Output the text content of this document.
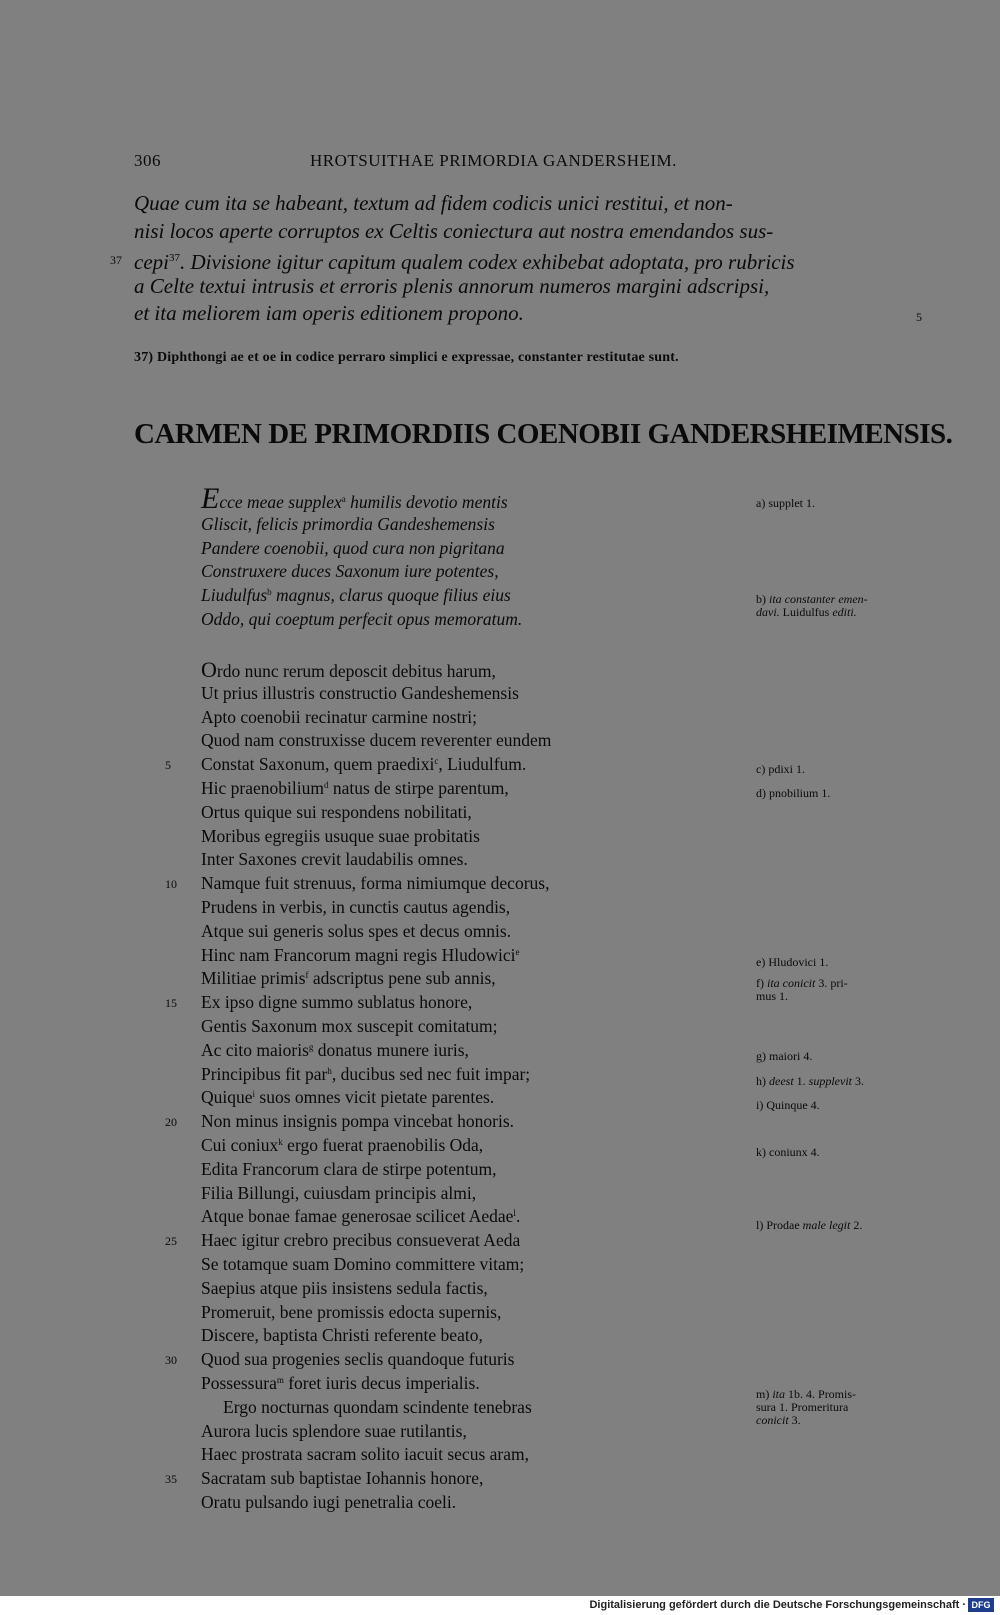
306	HROTSUITHAE PRIMORDIA GANDERSHEIM.
Quae cum ita se habeant, textum ad fidem codicis unici restitui, et non-
nisi locos aperte corruptos ex Celtis coniectura aut nostra emendandos sus-
37 cepi$^{37}$. Divisione igitur capitum qualem codex exhibebat adoptata, pro rubricis
a Celte textui intrusis et erroris plenis annorum numeros margini adscripsi,
et ita meliorem iam operis editionem propono.	5
37) Diphthongi ae et oe in codice perraro simplici e expressae, constanter restitutae sunt.
CARMEN DE PRIMORDIIS COENOBII GANDERSHEIMENSIS.
Ecce meae supplex$^a$ humilis devotio mentis
Gliscit, felicis primordia Gandeshemensis
Pandere coenobii, quod cura non pigritana
Construxere duces Saxonum iure potentes,
Liudulfus$^b$ magnus, clarus quoque filius eius
Oddo, qui coeptum perfecit opus memoratum.
Ordo nunc rerum deposcit debitus harum,
Ut prius illustris constructio Gandeshemensis
Apto coenobii recinatur carmine nostri;
Quod nam construxisse ducem reverenter eundem
5 Constat Saxonum, quem praedixi$^c$, Liudulfum.
Hic praenobilium$^d$ natus de stirpe parentum,
Ortus quique sui respondens nobilitati,
Moribus egregiis usuque suae probitatis
Inter Saxones crevit laudabilis omnes.
10 Namque fuit strenuus, forma nimiumque decorus,
Prudens in verbis, in cunctis cautus agendis,
Atque sui generis solus spes et decus omnis.
Hinc nam Francorum magni regis Hludowici$^e$
Militiae primis$^f$ adscriptus pene sub annis,
15 Ex ipso digne summo sublatus honore,
Gentis Saxonum mox suscepit comitatum;
Ac cito maioris$^g$ donatus munere iuris,
Principibus fit par$^h$, ducibus sed nec fuit impar;
Quique$^i$ suos omnes vicit pietate parentes.
20 Non minus insignis pompa vincebat honoris.
Cui coniux$^k$ ergo fuerat praenobilis Oda,
Edita Francorum clara de stirpe potentum,
Filia Billungi, cuiusdam principis almi,
Atque bonae famae generosae scilicet Aedae$^l$.
25 Haec igitur crebro precibus consueverat Aeda
Se totamque suam Domino committere vitam;
Saepius atque piis insistens sedula factis,
Promeruit, bene promissis edocta supernis,
Discere, baptista Christi referente beato,
30 Quod sua progenies seclis quandoque futuris
Possessura$^m$ foret iuris decus imperialis.
Ergo nocturnas quondam scindente tenebras
Aurora lucis splendore suae rutilantis,
Haec prostrata sacram solito iacuit secus aram,
35 Sacratam sub baptistae Iohannis honore,
Oratu pulsando iugi penetralia coeli.
a) supplet 1.
b) ita constanter emen-
davi. Luidulfus editi.
c) pdixi 1.
d) pnobilium 1.
e) Hludovici 1.
f) ita conicit 3. pri-
mus 1.
g) maiori 4.
h) deest 1. supplevit 3.
i) Quinque 4.
k) coniunx 4.
l) Prodae male legit 2.
m) ita 1b. 4. Promis-
sura 1. Promeritura
conicit 3.
Digitalisierung gefördert durch die Deutsche Forschungsgemeinschaft · DFG
